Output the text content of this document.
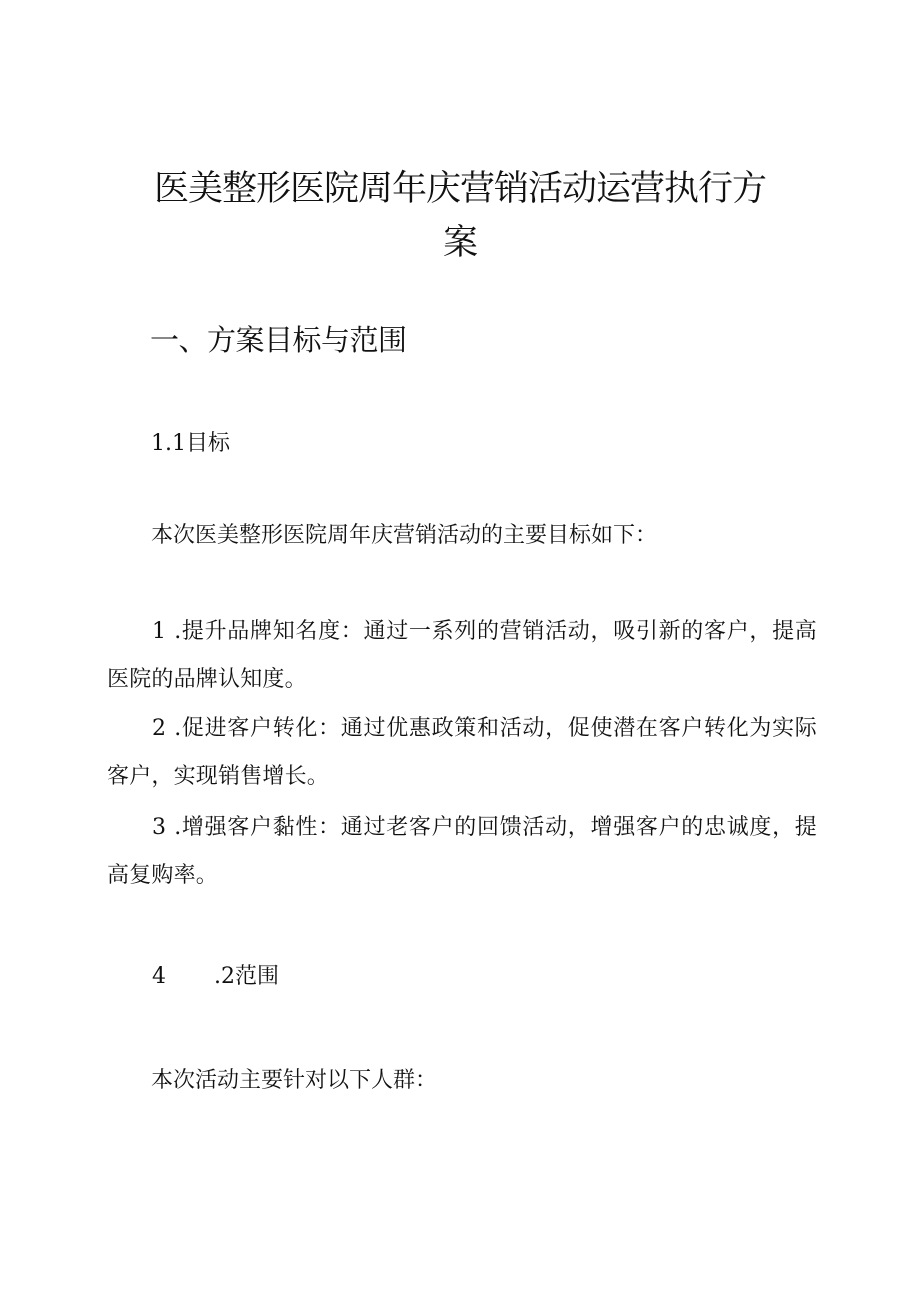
医美整形医院周年庆营销活动运营执行方案
一、方案目标与范围
1.1目标

本次医美整形医院周年庆营销活动的主要目标如下：

1 .提升品牌知名度：通过一系列的营销活动，吸引新的客户，提高医院的品牌认知度。

2 .促进客户转化：通过优惠政策和活动，促使潜在客户转化为实际客户，实现销售增长。

3 .增强客户黏性：通过老客户的回馈活动，增强客户的忠诚度，提高复购率。

4 .2范围

本次活动主要针对以下人群：
